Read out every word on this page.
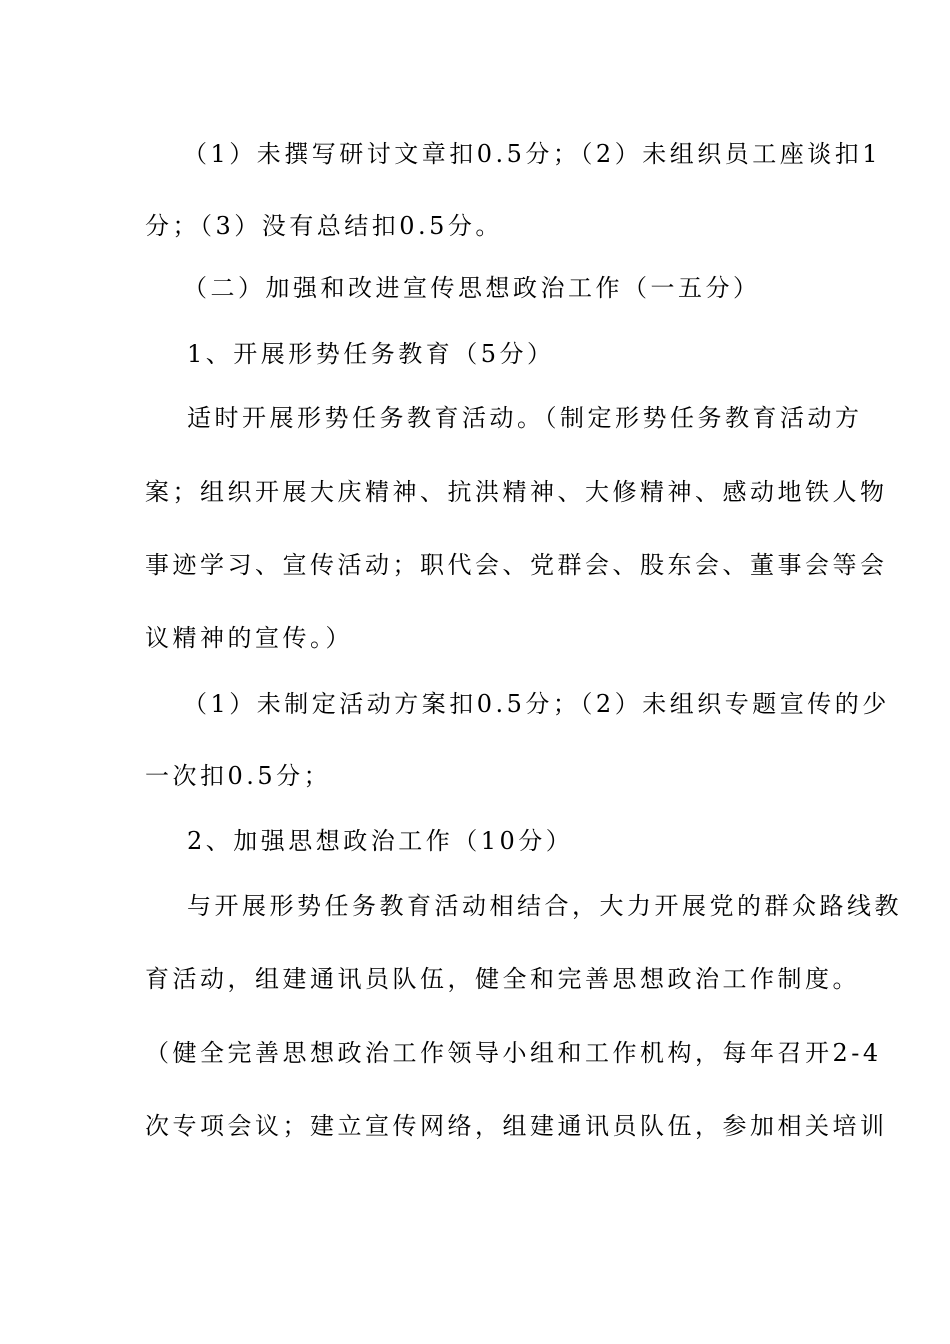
（1）未撰写研讨文章扣0.5分；（2）未组织员工座谈扣1
分；（3）没有总结扣0.5分。
（二）加强和改进宣传思想政治工作（一五分）
1、开展形势任务教育（5分）
适时开展形势任务教育活动。（制定形势任务教育活动方
案；组织开展大庆精神、抗洪精神、大修精神、感动地铁人物
事迹学习、宣传活动；职代会、党群会、股东会、董事会等会
议精神的宣传。）
（1）未制定活动方案扣0.5分；（2）未组织专题宣传的少
一次扣0.5分；
2、加强思想政治工作（10分）
与开展形势任务教育活动相结合，大力开展党的群众路线教
育活动，组建通讯员队伍，健全和完善思想政治工作制度。
（健全完善思想政治工作领导小组和工作机构，每年召开2-4
次专项会议；建立宣传网络，组建通讯员队伍，参加相关培训
